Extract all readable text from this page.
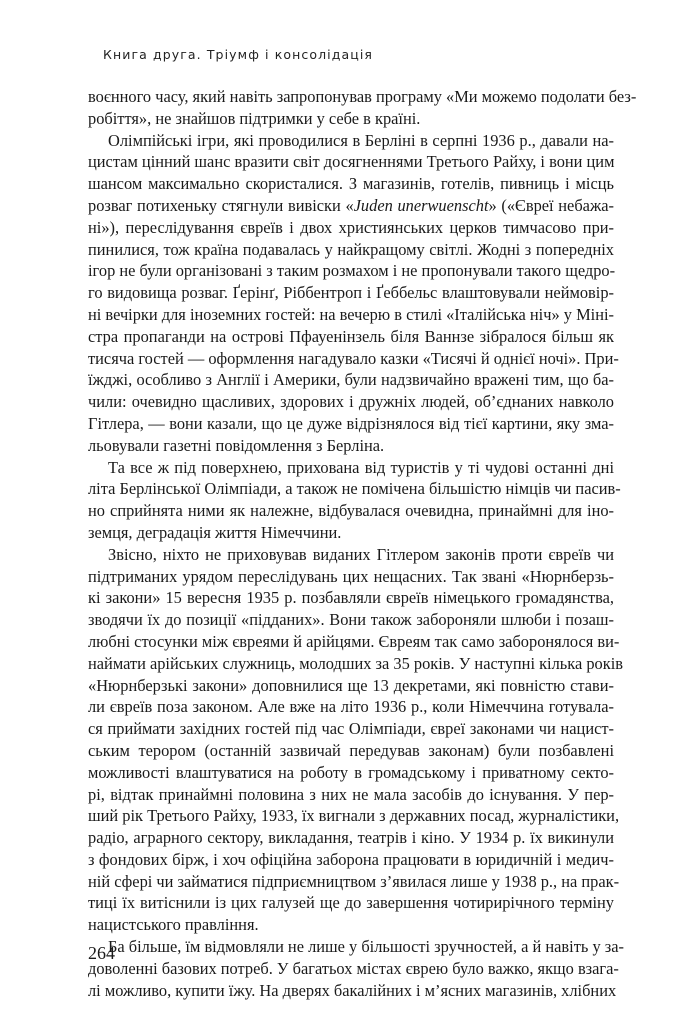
Книга друга. Тріумф і консолідація
воєнного часу, який навіть запропонував програму «Ми можемо подолати без-
робіття», не знайшов підтримки у себе в країні.
Олімпійські ігри, які проводилися в Берліні в серпні 1936 р., давали на-
цистам цінний шанс вразити світ досягненнями Третього Райху, і вони цим
шансом максимально скористалися. З магазинів, готелів, пивниць і місць
розваг потихеньку стягнули вивіски «Juden unerwuenscht» («Євреї небажа-
ні»), переслідування євреїв і двох християнських церков тимчасово при-
пинилися, тож країна подавалась у найкращому світлі. Жодні з попередніх
ігор не були організовані з таким розмахом і не пропонували такого щедро-
го видовища розваг. Ґерінґ, Ріббентроп і Ґеббельс влаштовували неймовір-
ні вечірки для іноземних гостей: на вечерю в стилі «Італійська ніч» у Міні-
стра пропаганди на острові Пфауенінзель біля Ваннзе зібралося більш як
тисяча гостей — оформлення нагадувало казки «Тисячі й однієї ночі». При-
їжджі, особливо з Англії і Америки, були надзвичайно вражені тим, що ба-
чили: очевидно щасливих, здорових і дружніх людей, об’єднаних навколо
Гітлера, — вони казали, що це дуже відрізнялося від тієї картини, яку зма-
льовували газетні повідомлення з Берліна.
Та все ж під поверхнею, прихована від туристів у ті чудові останні дні
літа Берлінської Олімпіади, а також не помічена більшістю німців чи пасив-
но сприйнята ними як належне, відбувалася очевидна, принаймні для іно-
земця, деградація життя Німеччини.
Звісно, ніхто не приховував виданих Гітлером законів проти євреїв чи
підтриманих урядом переслідувань цих нещасних. Так звані «Нюрнберзь-
кі закони» 15 вересня 1935 р. позбавляли євреїв німецького громадянства,
зводячи їх до позиції «підданих». Вони також забороняли шлюби і позаш-
любні стосунки між євреями й арійцями. Євреям так само заборонялося ви-
наймати арійських служниць, молодших за 35 років. У наступні кілька років
«Нюрнберзькі закони» доповнилися ще 13 декретами, які повністю стави-
ли євреїв поза законом. Але вже на літо 1936 р., коли Німеччина готувала-
ся приймати західних гостей під час Олімпіади, євреї законами чи нацист-
ським терором (останній зазвичай передував законам) були позбавлені
можливості влаштуватися на роботу в громадському і приватному секто-
рі, відтак принаймні половина з них не мала засобів до існування. У пер-
ший рік Третього Райху, 1933, їх вигнали з державних посад, журналістики,
радіо, аграрного сектору, викладання, театрів і кіно. У 1934 р. їх викинули
з фондових бірж, і хоч офіційна заборона працювати в юридичній і медич-
ній сфері чи займатися підприємництвом з’явилася лише у 1938 р., на прак-
тиці їх витіснили із цих галузей ще до завершення чотирирічного терміну
нацистського правління.
Ба більше, їм відмовляли не лише у більшості зручностей, а й навіть у за-
доволенні базових потреб. У багатьох містах єврею було важко, якщо взага-
лі можливо, купити їжу. На дверях бакалійних і м’ясних магазинів, хлібних
264
